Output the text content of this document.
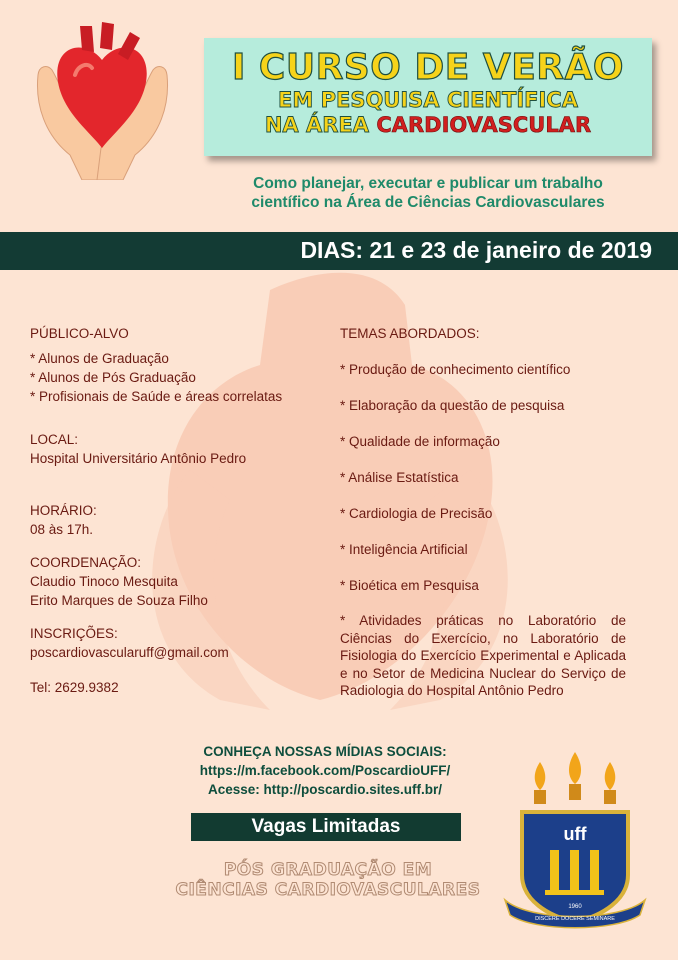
I CURSO DE VERÃO
EM PESQUISA CIENTÍFICA
NA ÁREA CARDIOVASCULAR
Como planejar, executar e publicar um trabalho
científico na Área de Ciências Cardiovasculares
DIAS: 21 e 23 de janeiro de 2019

PÚBLICO-ALVO

* Alunos de Graduação

* Alunos de Pós Graduação

* Profisionais de Saúde e áreas correlatas

LOCAL:

Hospital Universitário Antônio Pedro

HORÁRIO:

08 às 17h.

COORDENAÇÃO:

Claudio Tinoco Mesquita

Erito Marques de Souza Filho

INSCRIÇÕES:

poscardiovascularuff@gmail.com

Tel: 2629.9382

TEMAS ABORDADOS:

* Produção de conhecimento científico

* Elaboração da questão de pesquisa

* Qualidade de informação

* Análise Estatística

* Cardiologia de Precisão

* Inteligência Artificial

* Bioética em Pesquisa

* Atividades práticas no Laboratório de Ciências do Exercício, no Laboratório de Fisiologia do Exercício Experimental e Aplicada e no Setor de Medicina Nuclear do Serviço de Radiologia do Hospital Antônio Pedro

CONHEÇA NOSSAS MÍDIAS SOCIAIS:
https://m.facebook.com/PoscardioUFF/
Acesse: http://poscardio.sites.uff.br/
Vagas Limitadas
PÓS GRADUAÇÃO EM
CIÊNCIAS CARDIOVASCULARES
uff
DISCERE DOCERE SEMINARE
1960
